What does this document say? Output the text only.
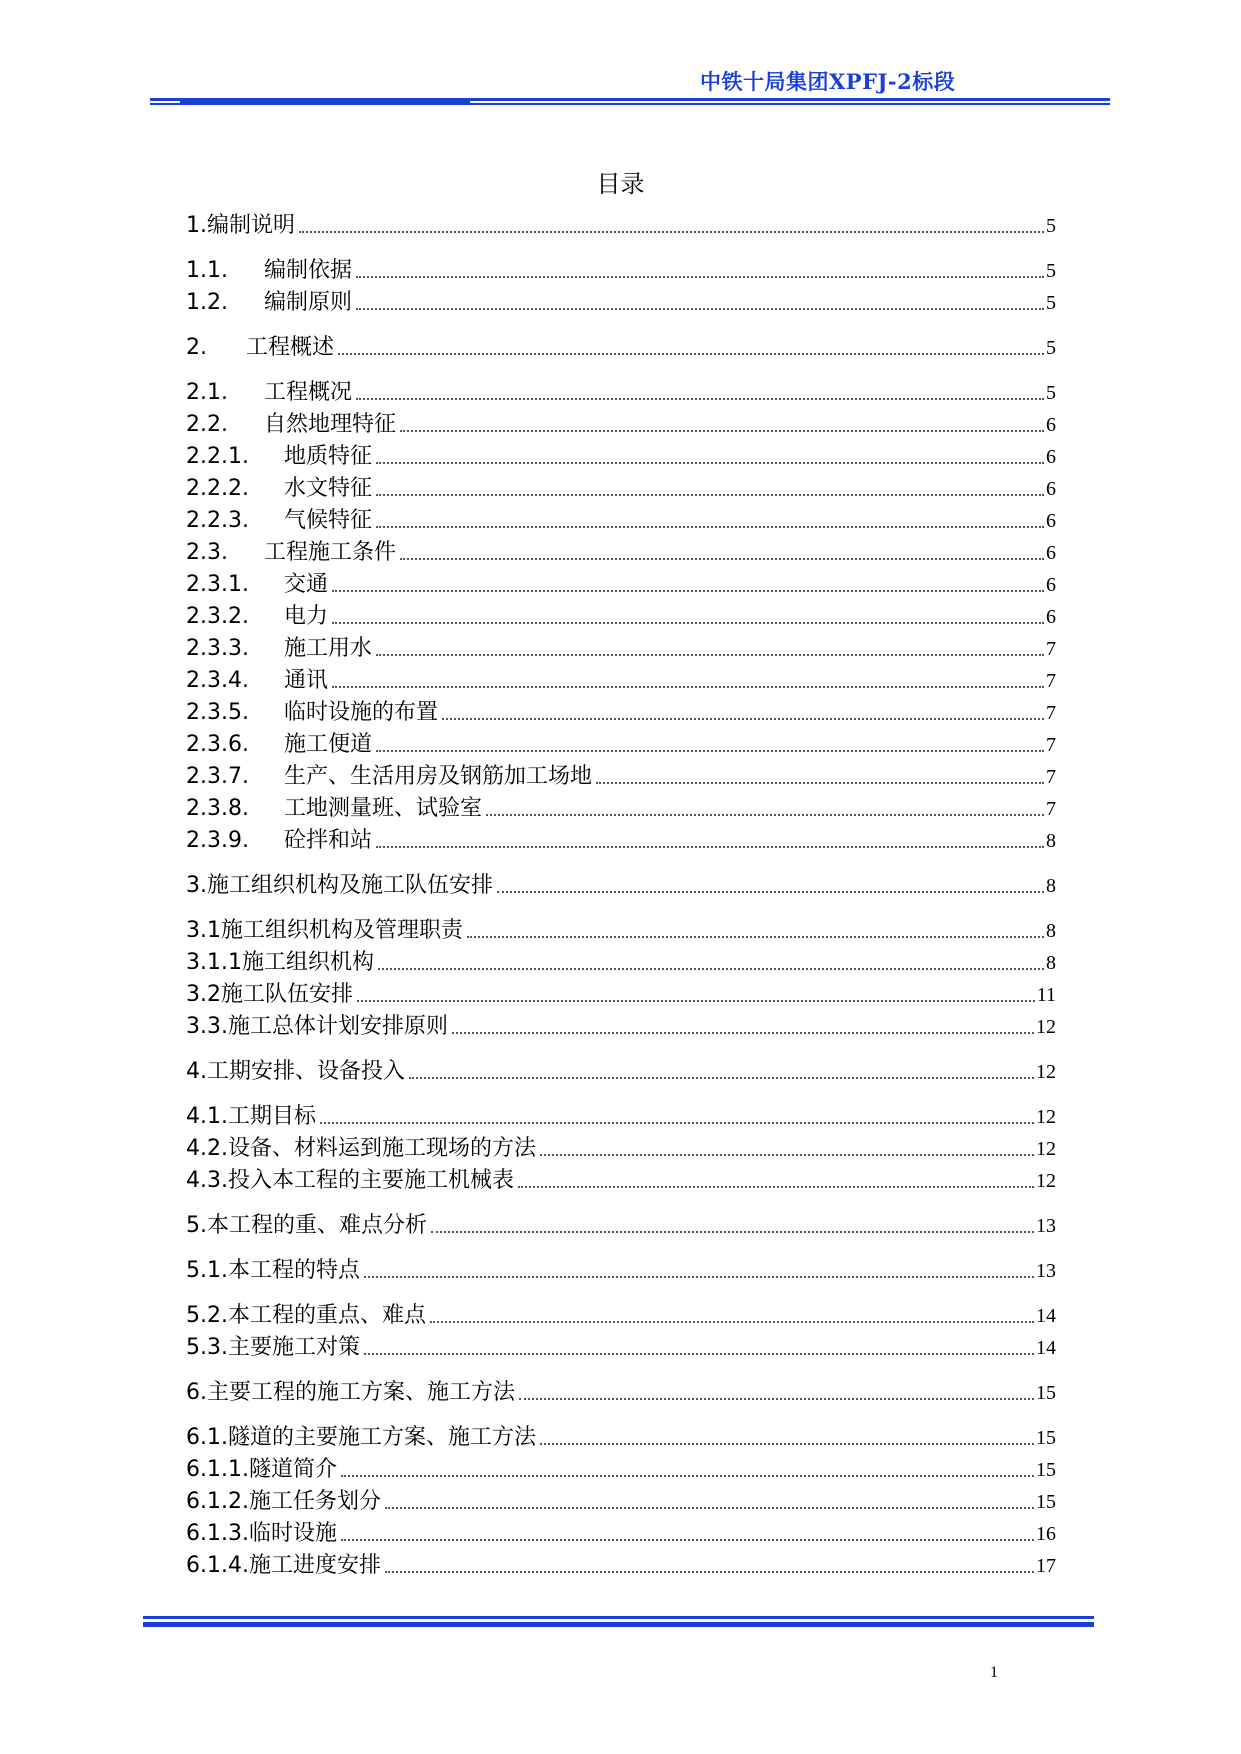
中铁十局集团XPFJ-2标段
目录
1. 编制说明	5
1.1.	编制依据	5
1.2.	编制原则	5
2.	工程概述	5
2.1.	工程概况	5
2.2.	自然地理特征	6
2.2.1.	地质特征	6
2.2.2.	水文特征	6
2.2.3.	气候特征	6
2.3.	工程施工条件	6
2.3.1.	交通	6
2.3.2.	电力	6
2.3.3.	施工用水	7
2.3.4.	通讯	7
2.3.5.	临时设施的布置	7
2.3.6.	施工便道	7
2.3.7.	生产、生活用房及钢筋加工场地	7
2.3.8.	工地测量班、试验室	7
2.3.9.	砼拌和站	8
3. 施工组织机构及施工队伍安排	8
3.1 施工组织机构及管理职责	8
3.1.1 施工组织机构	8
3.2 施工队伍安排	11
3.3. 施工总体计划安排原则	12
4. 工期安排、设备投入	12
4.1. 工期目标	12
4.2. 设备、材料运到施工现场的方法	12
4.3. 投入本工程的主要施工机械表	12
5. 本工程的重、难点分析	13
5.1. 本工程的特点	13
5.2. 本工程的重点、难点	14
5.3. 主要施工对策	14
6. 主要工程的施工方案、施工方法	15
6.1. 隧道的主要施工方案、施工方法	15
6.1.1. 隧道简介	15
6.1.2. 施工任务划分	15
6.1.3. 临时设施	16
6.1.4. 施工进度安排	17
1
